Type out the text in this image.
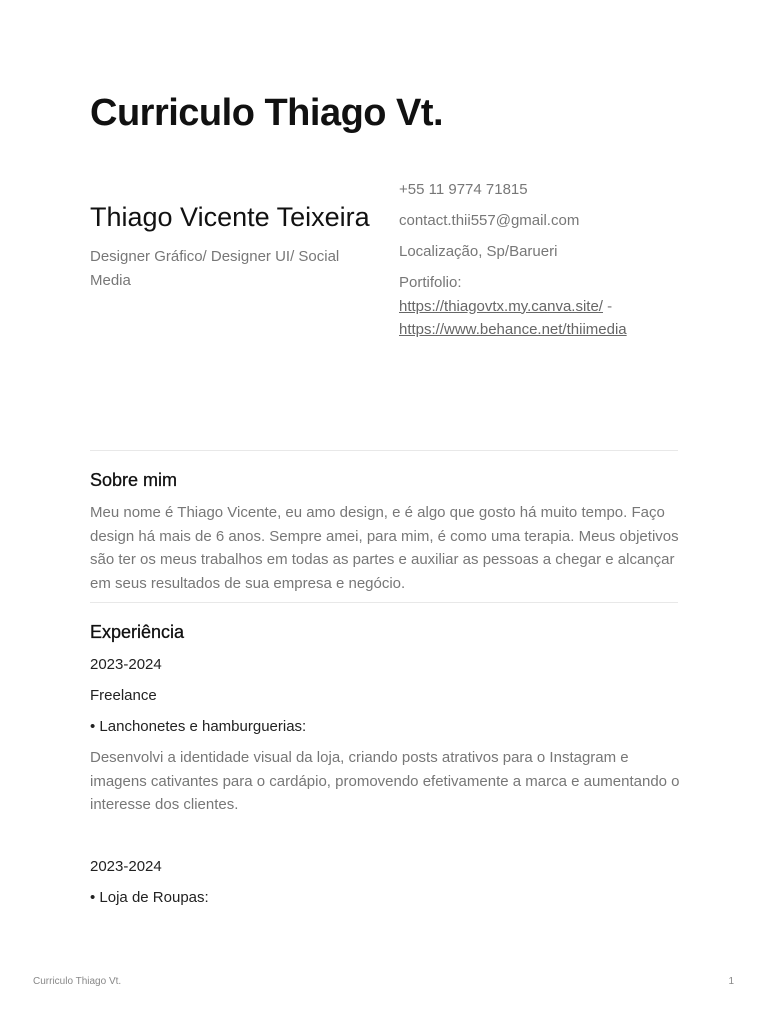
Curriculo Thiago Vt.
Thiago Vicente Teixeira

Designer Gráfico/ Designer UI/ Social Media

+55 11 9774 71815

contact.thii557@gmail.com

Localização, Sp/Barueri

Portifolio:
https://thiagovtx.my.canva.site/ -
https://www.behance.net/thiimedia

Sobre mim

Meu nome é Thiago Vicente, eu amo design, e é algo que gosto há muito tempo. Faço design há mais de 6 anos. Sempre amei, para mim, é como uma terapia. Meus objetivos são ter os meus trabalhos em todas as partes e auxiliar as pessoas a chegar e alcançar em seus resultados de sua empresa e negócio.

Experiência

2023-2024

Freelance

• Lanchonetes e hamburguerias:

Desenvolvi a identidade visual da loja, criando posts atrativos para o Instagram e imagens cativantes para o cardápio, promovendo efetivamente a marca e aumentando o interesse dos clientes.

2023-2024

• Loja de Roupas:

Curriculo Thiago Vt.	1
